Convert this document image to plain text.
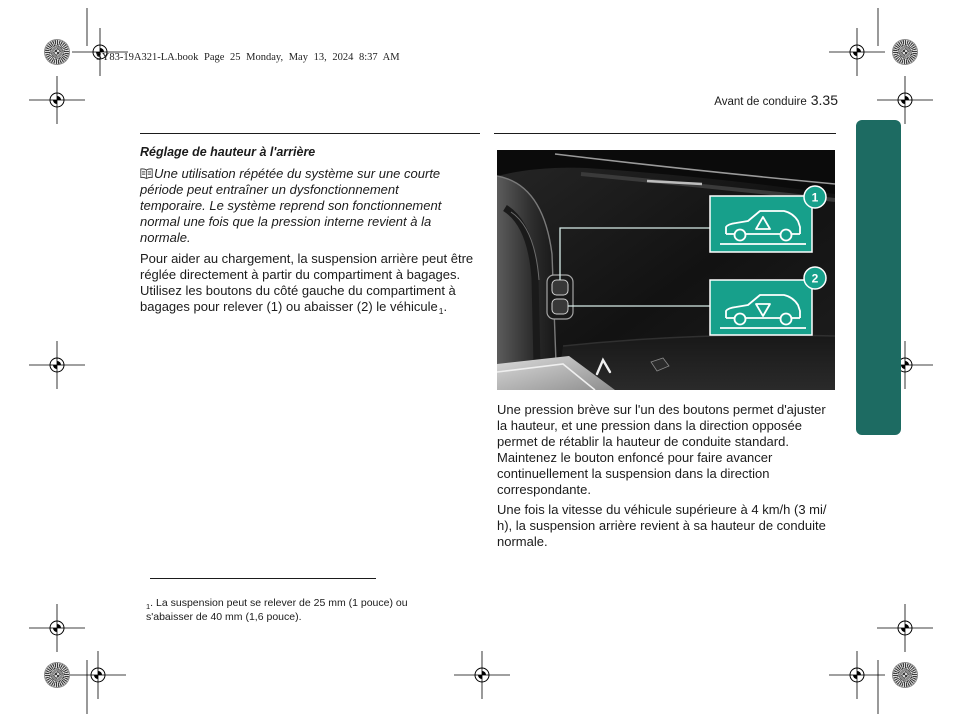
SY83-19A321-LA.book Page 25 Monday, May 13, 2024 8:37 AM
Avant de conduire 3.35
Réglage de hauteur à l'arrière
Une utilisation répétée du système sur une courte
période peut entraîner un dysfonctionnement
temporaire. Le système reprend son fonctionnement
normal une fois que la pression interne revient à la
normale.
Pour aider au chargement, la suspension arrière peut être
réglée directement à partir du compartiment à bagages.
Utilisez les boutons du côté gauche du compartiment à
bagages pour relever (1) ou abaisser (2) le véhicule$_1$.
1
2
Une pression brève sur l'un des boutons permet d'ajuster
la hauteur, et une pression dans la direction opposée
permet de rétablir la hauteur de conduite standard.
Maintenez le bouton enfoncé pour faire avancer
continuellement la suspension dans la direction
correspondante.
Une fois la vitesse du véhicule supérieure à 4 km/h (3 mi/
h), la suspension arrière revient à sa hauteur de conduite
normale.
$_1$. La suspension peut se relever de 25 mm (1 pouce) ou
s'abaisser de 40 mm (1,6 pouce).
